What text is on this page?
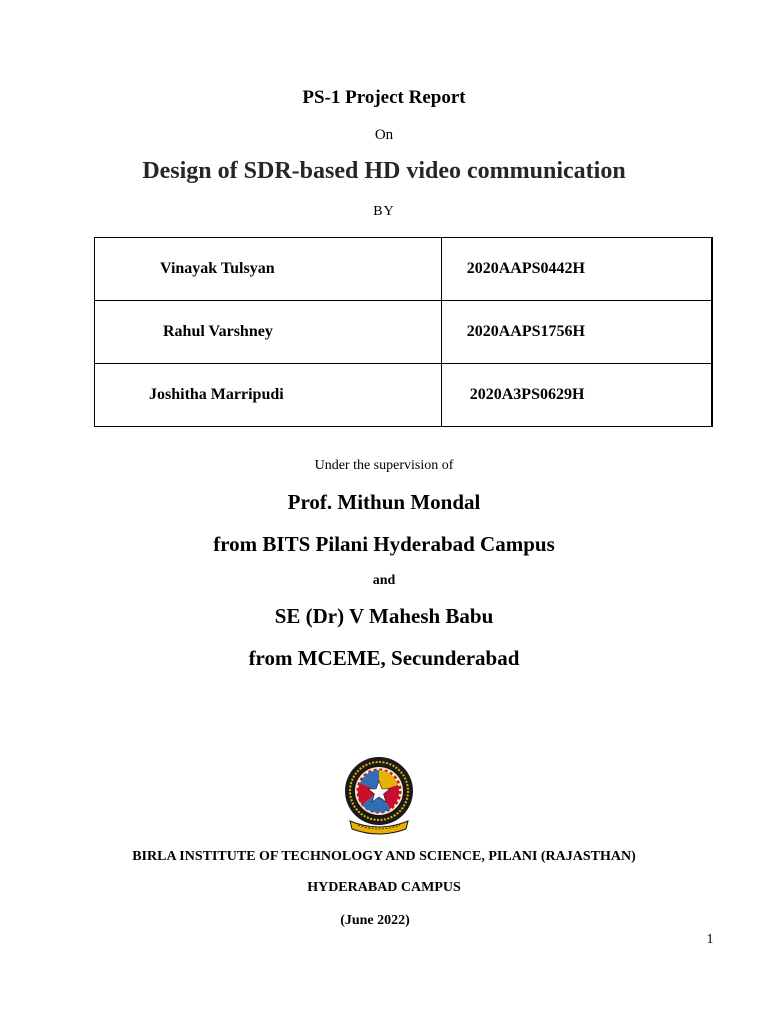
PS-1 Project Report
On
Design of SDR-based HD video communication
BY
Vinayak Tulsyan	2020AAPS0442H
Rahul Varshney	2020AAPS1756H
Joshitha Marripudi	2020A3PS0629H
Under the supervision of
Prof. Mithun Mondal
from BITS Pilani Hyderabad Campus
and
SE (Dr) V Mahesh Babu
from MCEME, Secunderabad
BIRLA INSTITUTE OF TECHNOLOGY AND SCIENCE, PILANI (RAJASTHAN)
HYDERABAD CAMPUS
(June 2022)
1
